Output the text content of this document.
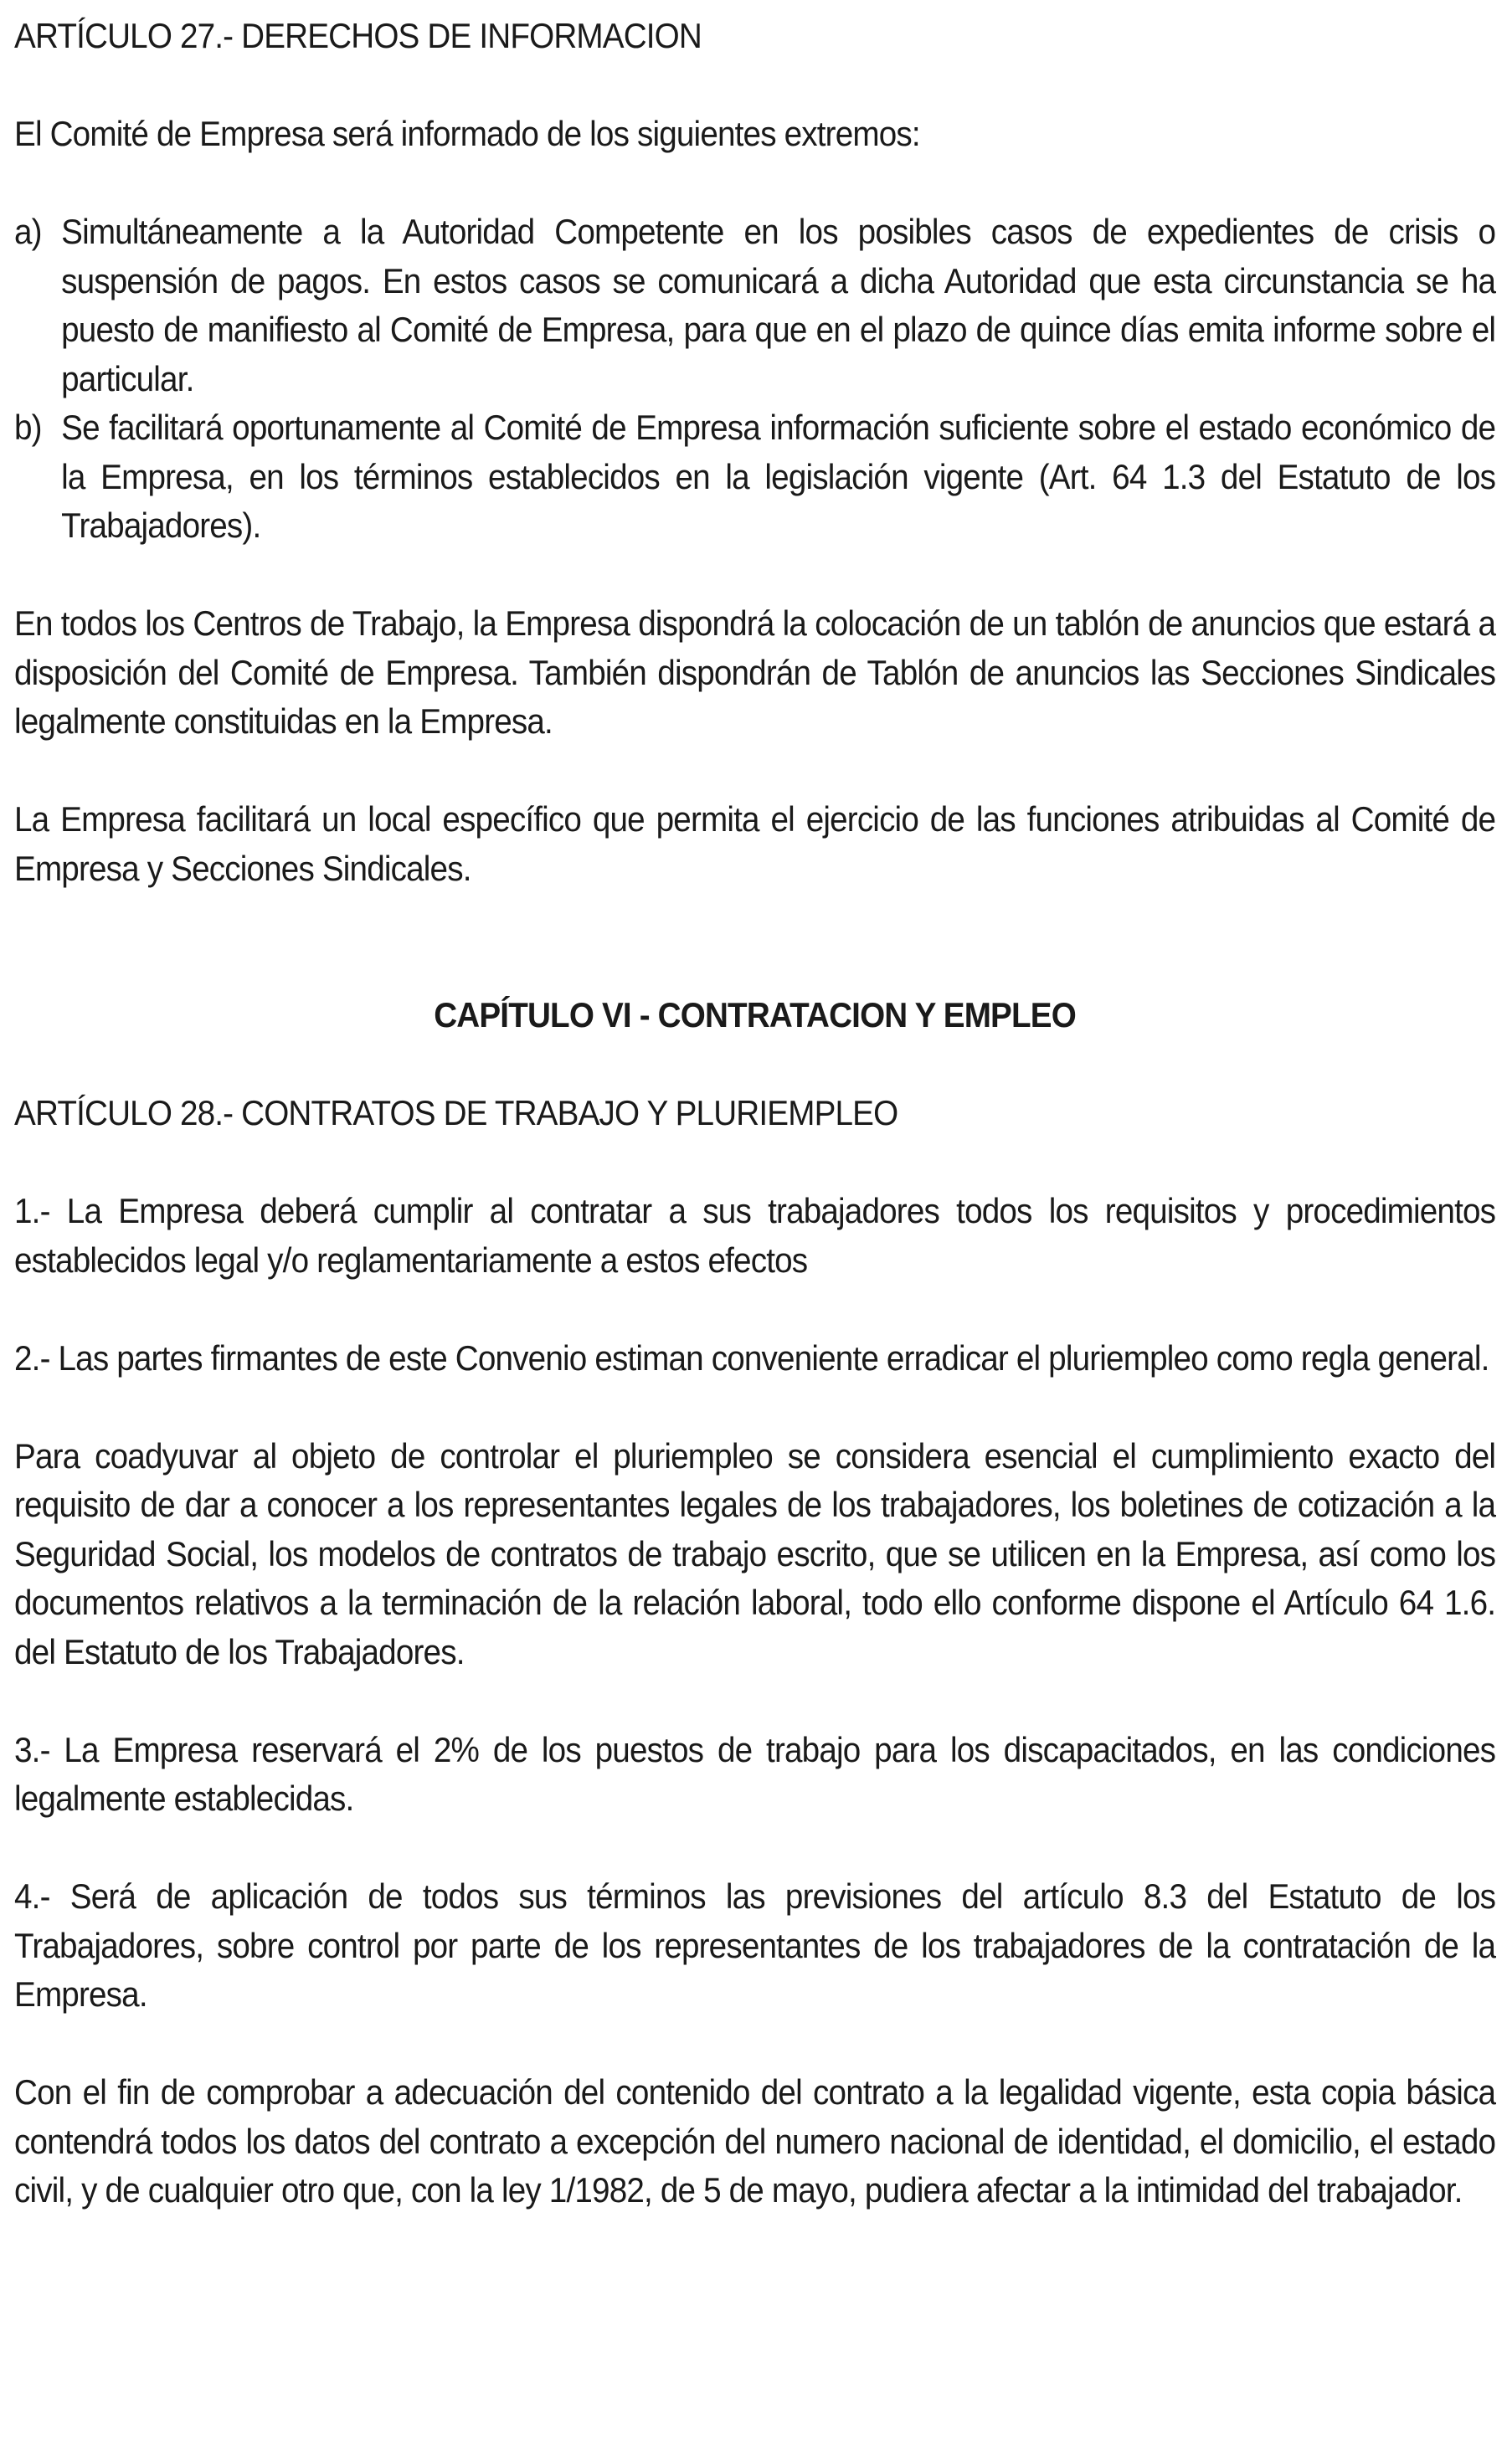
ARTÍCULO 27.- DERECHOS DE INFORMACION

El Comité de Empresa será informado de los siguientes extremos:

a) Simultáneamente a la Autoridad Competente en los posibles casos de expedientes de crisis o suspensión de pagos. En estos casos se comunicará a dicha Autoridad que esta circunstancia se ha puesto de manifiesto al Comité de Empresa, para que en el plazo de quince días emita informe sobre el particular.
b) Se facilitará oportunamente al Comité de Empresa información suficiente sobre el estado económico de la Empresa, en los términos establecidos en la legislación vigente (Art. 64 1.3 del Estatuto de los Trabajadores).

En todos los Centros de Trabajo, la Empresa dispondrá la colocación de un tablón de anuncios que estará a disposición del Comité de Empresa. También dispondrán de Tablón de anuncios las Secciones Sindicales legalmente constituidas en la Empresa.

La Empresa facilitará un local específico que permita el ejercicio de las funciones atribuidas al Comité de Empresa y Secciones Sindicales.

CAPÍTULO VI - CONTRATACION Y EMPLEO

ARTÍCULO 28.- CONTRATOS DE TRABAJO Y PLURIEMPLEO

1.- La Empresa deberá cumplir al contratar a sus trabajadores todos los requisitos y procedimientos establecidos legal y/o reglamentariamente a estos efectos

2.- Las partes firmantes de este Convenio estiman conveniente erradicar el pluriempleo como regla general.

Para coadyuvar al objeto de controlar el pluriempleo se considera esencial el cumplimiento exacto del requisito de dar a conocer a los representantes legales de los trabajadores, los boletines de cotización a la Seguridad Social, los modelos de contratos de trabajo escrito, que se utilicen en la Empresa, así como los documentos relativos a la terminación de la relación laboral, todo ello conforme dispone el Artículo 64 1.6. del Estatuto de los Trabajadores.

3.- La Empresa reservará el 2% de los puestos de trabajo para los discapacitados, en las condiciones legalmente establecidas.

4.- Será de aplicación de todos sus términos las previsiones del artículo 8.3 del Estatuto de los Trabajadores, sobre control por parte de los representantes de los trabajadores de la contratación de la Empresa.

Con el fin de comprobar a adecuación del contenido del contrato a la legalidad vigente, esta copia básica contendrá todos los datos del contrato a excepción del numero nacional de identidad, el domicilio, el estado civil, y de cualquier otro que, con la ley 1/1982, de 5 de mayo, pudiera afectar a la intimidad del trabajador.
